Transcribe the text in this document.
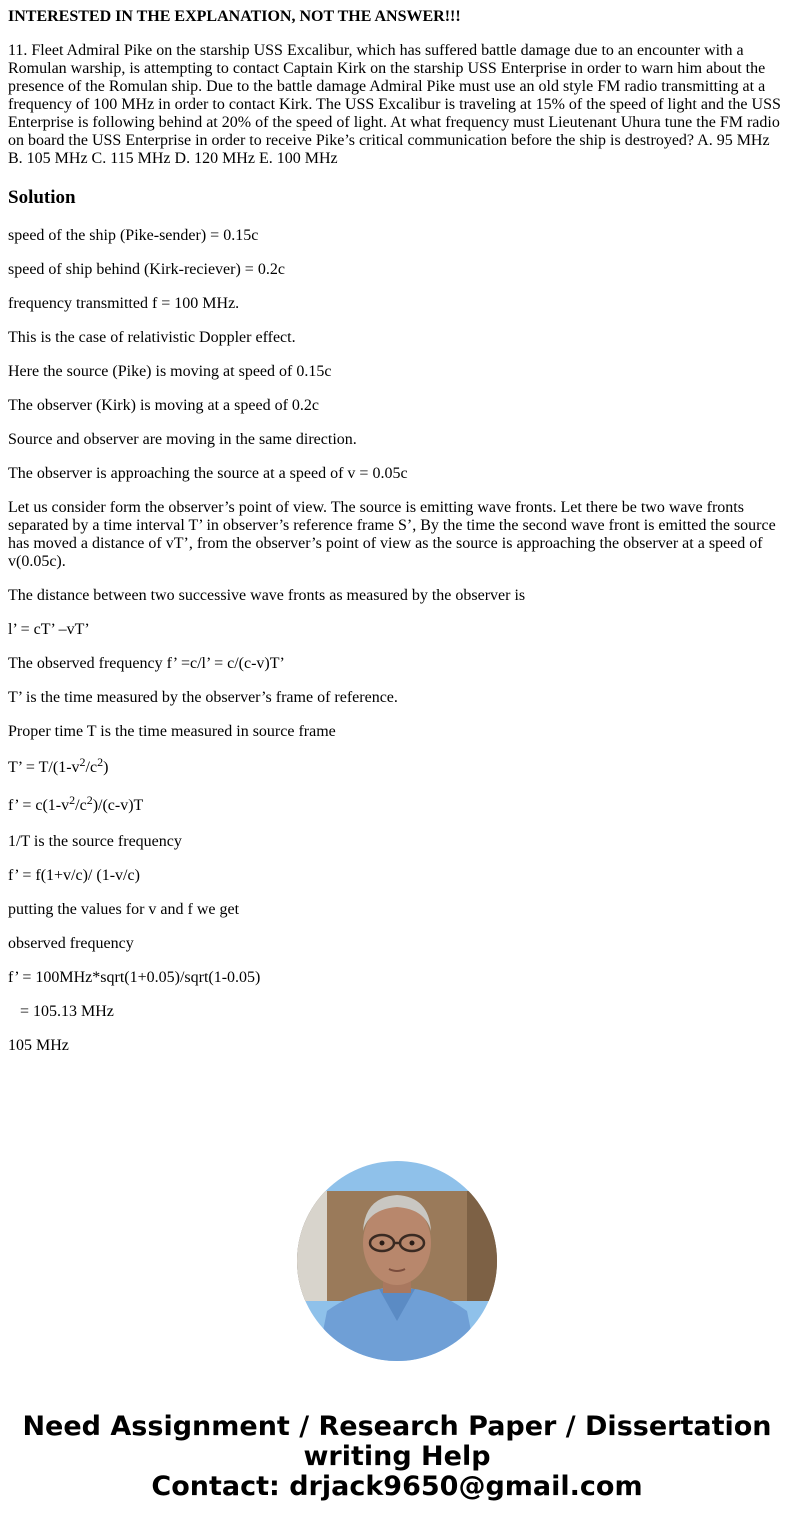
INTERESTED IN THE EXPLANATION, NOT THE ANSWER!!!

11. Fleet Admiral Pike on the starship USS Excalibur, which has suffered battle damage due to an encounter with a Romulan warship, is attempting to contact Captain Kirk on the starship USS Enterprise in order to warn him about the presence of the Romulan ship. Due to the battle damage Admiral Pike must use an old style FM radio transmitting at a frequency of 100 MHz in order to contact Kirk. The USS Excalibur is traveling at 15% of the speed of light and the USS Enterprise is following behind at 20% of the speed of light. At what frequency must Lieutenant Uhura tune the FM radio on board the USS Enterprise in order to receive Pike’s critical communication before the ship is destroyed? A. 95 MHz B. 105 MHz C. 115 MHz D. 120 MHz E. 100 MHz

Solution

speed of the ship (Pike-sender) = 0.15c

speed of ship behind (Kirk-reciever) = 0.2c

frequency transmitted f = 100 MHz.

This is the case of relativistic Doppler effect.

Here the source (Pike) is moving at speed of 0.15c

The observer (Kirk) is moving at a speed of 0.2c

Source and observer are moving in the same direction.

The observer is approaching the source at a speed of v = 0.05c

Let us consider form the observer’s point of view. The source is emitting wave fronts. Let there be two wave fronts separated by a time interval T’ in observer’s reference frame S’, By the time the second wave front is emitted the source has moved a distance of vT’, from the observer’s point of view as the source is approaching the observer at a speed of v(0.05c).

The distance between two successive wave fronts as measured by the observer is

l’ = cT’ –vT’

The observed frequency f’ =c/l’ = c/(c-v)T’

T’ is the time measured by the observer’s frame of reference.

Proper time T is the time measured in source frame

T’ = $T/(1-v^2/c^2)$

f’ = $c(1-v^2/c^2)/(c-v)T$

1/T is the source frequency

f’ = f(1+v/c)/ (1-v/c)

putting the values for v and f we get

observed frequency

f’ = 100MHz*sqrt(1+0.05)/sqrt(1-0.05)

= 105.13 MHz

105 MHz

Need Assignment / Research Paper / Dissertation
writing Help
Contact: drjack9650@gmail.com
